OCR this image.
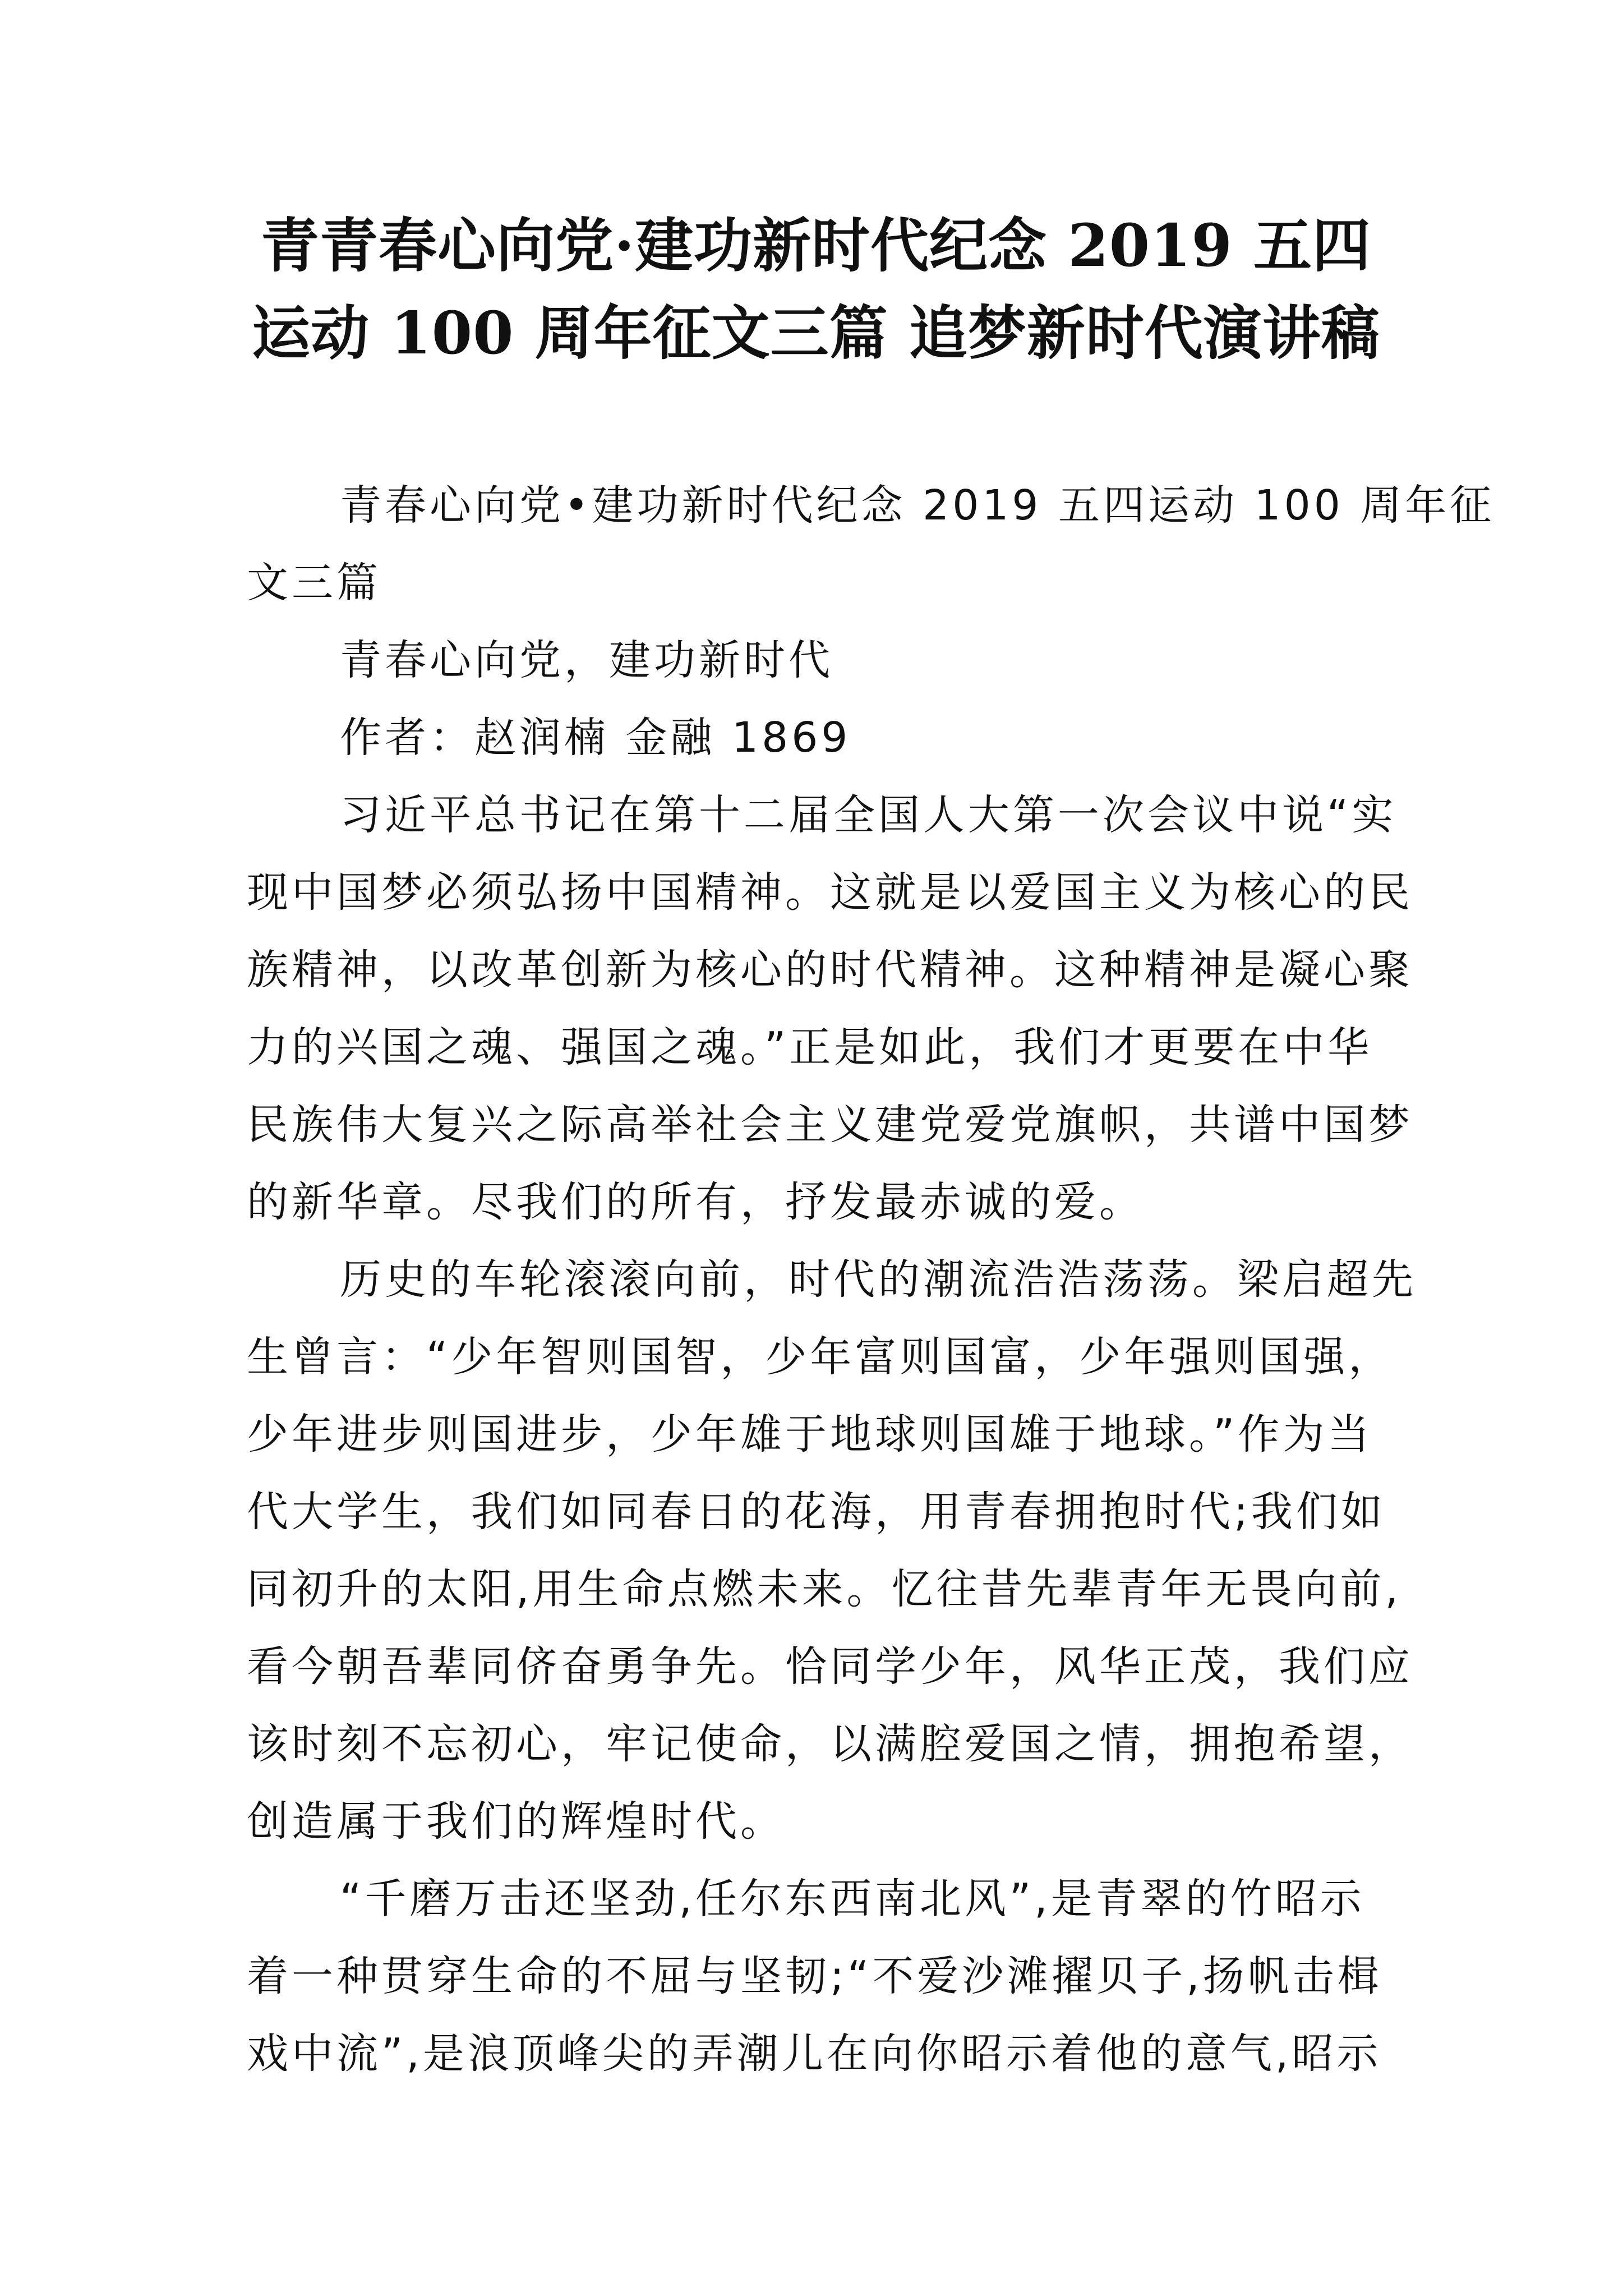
青青春心向党·建功新时代纪念 2019 五四
运动 100 周年征文三篇 追梦新时代演讲稿

青春心向党•建功新时代纪念 2019 五四运动 100 周年征

文三篇

青春心向党，建功新时代

作者：赵润楠 金融 1869

习近平总书记在第十二届全国人大第一次会议中说“实

现中国梦必须弘扬中国精神。这就是以爱国主义为核心的民

族精神，以改革创新为核心的时代精神。这种精神是凝心聚

力的兴国之魂、强国之魂。”正是如此，我们才更要在中华

民族伟大复兴之际高举社会主义建党爱党旗帜，共谱中国梦

的新华章。尽我们的所有，抒发最赤诚的爱。

历史的车轮滚滚向前，时代的潮流浩浩荡荡。梁启超先

生曾言：“少年智则国智，少年富则国富，少年强则国强，

少年进步则国进步，少年雄于地球则国雄于地球。”作为当

代大学生，我们如同春日的花海，用青春拥抱时代;我们如

同初升的太阳,用生命点燃未来。忆往昔先辈青年无畏向前,

看今朝吾辈同侪奋勇争先。恰同学少年，风华正茂，我们应

该时刻不忘初心，牢记使命，以满腔爱国之情，拥抱希望，

创造属于我们的辉煌时代。

“千磨万击还坚劲,任尔东西南北风”,是青翠的竹昭示

着一种贯穿生命的不屈与坚韧;“不爱沙滩擢贝子,扬帆击楫

戏中流”,是浪顶峰尖的弄潮儿在向你昭示着他的意气,昭示
